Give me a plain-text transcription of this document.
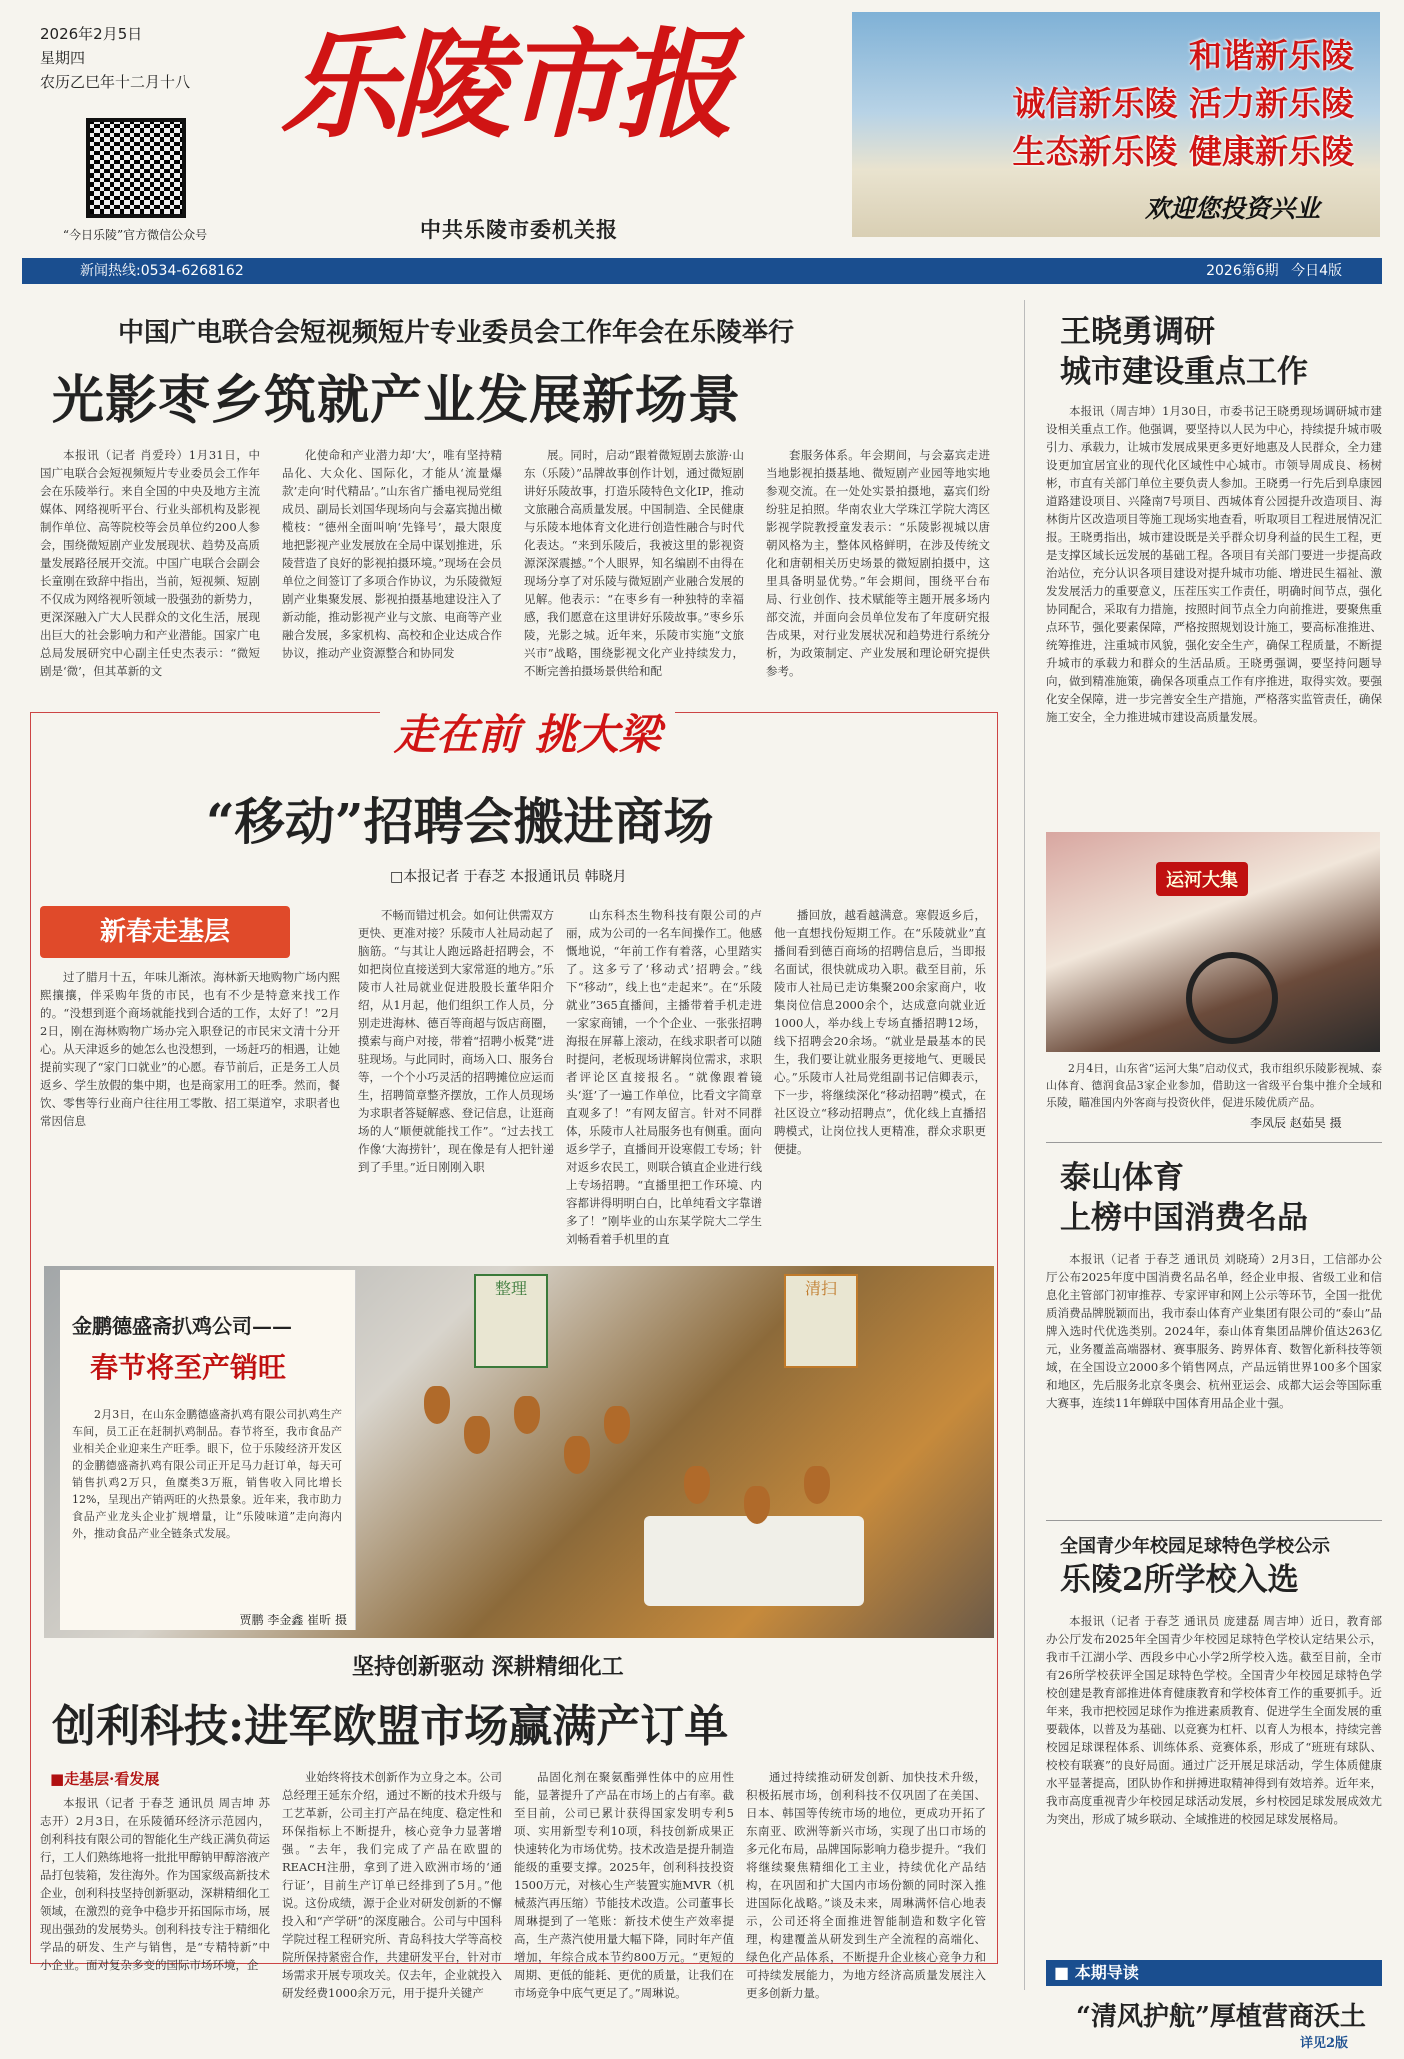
2026年2月5日
星期四
农历乙巳年十二月十八
“今日乐陵”官方微信公众号
乐陵市报
中共乐陵市委机关报
和谐新乐陵
诚信新乐陵 活力新乐陵
生态新乐陵 健康新乐陵
欢迎您投资兴业
新闻热线:0534-6268162	2026第6期 今日4版
中国广电联合会短视频短片专业委员会工作年会在乐陵举行
光影枣乡筑就产业发展新场景

本报讯（记者 肖爱玲）1月31日，中国广电联合会短视频短片专业委员会工作年会在乐陵举行。来自全国的中央及地方主流媒体、网络视听平台、行业头部机构及影视制作单位、高等院校等会员单位约200人参会，围绕微短剧产业发展现状、趋势及高质量发展路径展开交流。中国广电联合会副会长童刚在致辞中指出，当前，短视频、短剧不仅成为网络视听领域一股强劲的新势力，更深深融入广大人民群众的文化生活，展现出巨大的社会影响力和产业潜能。国家广电总局发展研究中心副主任史杰表示：“微短剧是‘微’，但其革新的文

化使命和产业潜力却‘大’，唯有坚持精品化、大众化、国际化，才能从‘流量爆款’走向‘时代精品’。”山东省广播电视局党组成员、副局长刘国华现场向与会嘉宾抛出橄榄枝：“德州全面叫响‘先锋号’，最大限度地把影视产业发展放在全局中谋划推进，乐陵营造了良好的影视拍摄环境。”现场在会员单位之间签订了多项合作协议，为乐陵微短剧产业集聚发展、影视拍摄基地建设注入了新动能，推动影视产业与文旅、电商等产业融合发展，多家机构、高校和企业达成合作协议，推动产业资源整合和协同发

展。同时，启动“跟着微短剧去旅游·山东（乐陵）”品牌故事创作计划，通过微短剧讲好乐陵故事，打造乐陵特色文化IP，推动文旅融合高质量发展。中国制造、全民健康与乐陵本地体育文化进行创造性融合与时代化表达。“来到乐陵后，我被这里的影视资源深深震撼。”个人眼界，知名编剧不由得在现场分享了对乐陵与微短剧产业融合发展的见解。他表示：“在枣乡有一种独特的幸福感，我们愿意在这里讲好乐陵故事。”枣乡乐陵，光影之城。近年来，乐陵市实施“文旅兴市”战略，围绕影视文化产业持续发力，不断完善拍摄场景供给和配

套服务体系。年会期间，与会嘉宾走进当地影视拍摄基地、微短剧产业园等地实地参观交流。在一处处实景拍摄地，嘉宾们纷纷驻足拍照。华南农业大学珠江学院大湾区影视学院教授童发表示：“乐陵影视城以唐朝风格为主，整体风格鲜明，在涉及传统文化和唐朝相关历史场景的微短剧拍摄中，这里具备明显优势。”年会期间，围绕平台布局、行业创作、技术赋能等主题开展多场内部交流，并面向会员单位发布了年度研究报告成果，对行业发展状况和趋势进行系统分析，为政策制定、产业发展和理论研究提供参考。

走在前 挑大梁
“移动”招聘会搬进商场
□本报记者 于春芝 本报通讯员 韩晓月
新春走基层

过了腊月十五，年味儿渐浓。海林新天地购物广场内熙熙攘攘，伴采购年货的市民，也有不少是特意来找工作的。“没想到逛个商场就能找到合适的工作，太好了！”2月2日，刚在海林购物广场办完入职登记的市民宋文清十分开心。从天津返乡的她怎么也没想到，一场赶巧的相遇，让她提前实现了“家门口就业”的心愿。春节前后，正是务工人员返乡、学生放假的集中期，也是商家用工的旺季。然而，餐饮、零售等行业商户往往用工零散、招工渠道窄，求职者也常因信息

不畅而错过机会。如何让供需双方更快、更准对接？乐陵市人社局动起了脑筋。“与其让人跑远路赶招聘会，不如把岗位直接送到大家常逛的地方。”乐陵市人社局就业促进股股长董华阳介绍，从1月起，他们组织工作人员，分别走进海林、德百等商超与饭店商圈，摸索与商户对接，带着“招聘小板凳”进驻现场。与此同时，商场入口、服务台等，一个个小巧灵活的招聘摊位应运而生，招聘简章整齐摆放，工作人员现场为求职者答疑解惑、登记信息，让逛商场的人“顺便就能找工作”。“过去找工作像‘大海捞针’，现在像是有人把针递到了手里。”近日刚刚入职

山东科杰生物科技有限公司的卢丽，成为公司的一名车间操作工。他感慨地说，“年前工作有着落，心里踏实了。这多亏了‘移动式’招聘会。”线下“移动”，线上也“走起来”。在“乐陵就业”365直播间，主播带着手机走进一家家商铺，一个个企业、一张张招聘海报在屏幕上滚动，在线求职者可以随时提问，老板现场讲解岗位需求，求职者评论区直接报名。“就像跟着镜头‘逛’了一遍工作单位，比看文字简章直观多了！”有网友留言。针对不同群体，乐陵市人社局服务也有侧重。面向返乡学子，直播间开设寒假工专场；针对返乡农民工，则联合镇直企业进行线上专场招聘。“直播里把工作环境、内容都讲得明明白白，比单纯看文字靠谱多了！”刚毕业的山东某学院大二学生刘畅看着手机里的直

播回放，越看越满意。寒假返乡后，他一直想找份短期工作。在“乐陵就业”直播间看到德百商场的招聘信息后，当即报名面试，很快就成功入职。截至目前，乐陵市人社局已走访集聚200余家商户，收集岗位信息2000余个，达成意向就业近1000人，举办线上专场直播招聘12场，线下招聘会20余场。“就业是最基本的民生，我们要让就业服务更接地气、更暖民心。”乐陵市人社局党组副书记信卿表示，下一步，将继续深化“移动招聘”模式，在社区设立“移动招聘点”，优化线上直播招聘模式，让岗位找人更精准，群众求职更便捷。

整理	清扫
金鹏德盛斋扒鸡公司——
春节将至产销旺

2月3日，在山东金鹏德盛斋扒鸡有限公司扒鸡生产车间，员工正在赶制扒鸡制品。春节将至，我市食品产业相关企业迎来生产旺季。眼下，位于乐陵经济开发区的金鹏德盛斋扒鸡有限公司正开足马力赶订单，每天可销售扒鸡2万只，鱼糜类3万瓶，销售收入同比增长12%，呈现出产销两旺的火热景象。近年来，我市助力食品产业龙头企业扩规增量，让“乐陵味道”走向海内外，推动食品产业全链条式发展。

贾鹏 李金鑫 崔昕 摄
坚持创新驱动 深耕精细化工
创利科技:进军欧盟市场赢满产订单
■走基层·看发展

本报讯（记者 于春芝 通讯员 周吉坤 苏志开）2月3日，在乐陵循环经济示范园内，创利科技有限公司的智能化生产线正满负荷运行，工人们熟练地将一批批甲醇钠甲醇溶液产品打包装箱，发往海外。作为国家级高新技术企业，创利科技坚持创新驱动，深耕精细化工领域，在激烈的竞争中稳步开拓国际市场，展现出强劲的发展势头。创利科技专注于精细化学品的研发、生产与销售，是“专精特新”中小企业。面对复杂多变的国际市场环境，企

业始终将技术创新作为立身之本。公司总经理王延东介绍，通过不断的技术升级与工艺革新，公司主打产品在纯度、稳定性和环保指标上不断提升，核心竞争力显著增强。“去年，我们完成了产品在欧盟的REACH注册，拿到了进入欧洲市场的‘通行证’，目前生产订单已经排到了5月。”他说。这份成绩，源于企业对研发创新的不懈投入和“产学研”的深度融合。公司与中国科学院过程工程研究所、青岛科技大学等高校院所保持紧密合作，共建研发平台，针对市场需求开展专项攻关。仅去年，企业就投入研发经费1000余万元，用于提升关键产

品固化剂在聚氨酯弹性体中的应用性能，显著提升了产品在市场上的占有率。截至目前，公司已累计获得国家发明专利5项、实用新型专利10项，科技创新成果正快速转化为市场优势。技术改造是提升制造能级的重要支撑。2025年，创利科技投资1500万元，对核心生产装置实施MVR（机械蒸汽再压缩）节能技术改造。公司董事长周琳提到了一笔账：新技术使生产效率提高，生产蒸汽使用量大幅下降，同时年产值增加，年综合成本节约800万元。“更短的周期、更低的能耗、更优的质量，让我们在市场竞争中底气更足了。”周琳说。

通过持续推动研发创新、加快技术升级，积极拓展市场，创利科技不仅巩固了在美国、日本、韩国等传统市场的地位，更成功开拓了东南亚、欧洲等新兴市场，实现了出口市场的多元化布局，品牌国际影响力稳步提升。“我们将继续聚焦精细化工主业，持续优化产品结构，在巩固和扩大国内市场份额的同时深入推进国际化战略。”谈及未来，周琳满怀信心地表示，公司还将全面推进智能制造和数字化管理，构建覆盖从研发到生产全流程的高端化、绿色化产品体系，不断提升企业核心竞争力和可持续发展能力，为地方经济高质量发展注入更多创新力量。

王晓勇调研
城市建设重点工作

本报讯（周吉坤）1月30日，市委书记王晓勇现场调研城市建设相关重点工作。他强调，要坚持以人民为中心，持续提升城市吸引力、承载力，让城市发展成果更多更好地惠及人民群众，全力建设更加宜居宜业的现代化区域性中心城市。市领导周成良、杨树彬，市直有关部门单位主要负责人参加。王晓勇一行先后到阜康园道路建设项目、兴隆南7号项目、西城体育公园提升改造项目、海林街片区改造项目等施工现场实地查看，听取项目工程进展情况汇报。王晓勇指出，城市建设既是关乎群众切身利益的民生工程，更是支撑区域长远发展的基础工程。各项目有关部门要进一步提高政治站位，充分认识各项目建设对提升城市功能、增进民生福祉、激发发展活力的重要意义，压茬压实工作责任，明确时间节点，强化协同配合，采取有力措施，按照时间节点全力向前推进，要聚焦重点环节，强化要素保障，严格按照规划设计施工，要高标准推进、统筹推进，注重城市风貌，强化安全生产，确保工程质量，不断提升城市的承载力和群众的生活品质。王晓勇强调，要坚持问题导向，做到精准施策，确保各项重点工作有序推进，取得实效。要强化安全保障，进一步完善安全生产措施，严格落实监管责任，确保施工安全，全力推进城市建设高质量发展。

运河大集

2月4日，山东省“运河大集”启动仪式，我市组织乐陵影视城、泰山体育、德润食品3家企业参加，借助这一省级平台集中推介全域和乐陵，瞄准国内外客商与投资伙伴，促进乐陵优质产品。

李凤辰 赵茹昊 摄
泰山体育
上榜中国消费名品

本报讯（记者 于春芝 通讯员 刘晓琦）2月3日，工信部办公厅公布2025年度中国消费名品名单，经企业申报、省级工业和信息化主管部门初审推荐、专家评审和网上公示等环节，全国一批优质消费品牌脱颖而出，我市泰山体育产业集团有限公司的“泰山”品牌入选时代优选类别。2024年，泰山体育集团品牌价值达263亿元，业务覆盖高端器材、赛事服务、跨界体育、数智化新科技等领域，在全国设立2000多个销售网点，产品远销世界100多个国家和地区，先后服务北京冬奥会、杭州亚运会、成都大运会等国际重大赛事，连续11年蝉联中国体育用品企业十强。

全国青少年校园足球特色学校公示
乐陵2所学校入选

本报讯（记者 于春芝 通讯员 庞建磊 周吉坤）近日，教育部办公厅发布2025年全国青少年校园足球特色学校认定结果公示，我市千江湖小学、西段乡中心小学2所学校入选。截至目前，全市有26所学校获评全国足球特色学校。全国青少年校园足球特色学校创建是教育部推进体育健康教育和学校体育工作的重要抓手。近年来，我市把校园足球作为推进素质教育、促进学生全面发展的重要载体，以普及为基础、以竞赛为杠杆、以育人为根本，持续完善校园足球课程体系、训练体系、竞赛体系，形成了“班班有球队、校校有联赛”的良好局面。通过广泛开展足球活动，学生体质健康水平显著提高，团队协作和拼搏进取精神得到有效培养。近年来，我市高度重视青少年校园足球活动发展，乡村校园足球发展成效尤为突出，形成了城乡联动、全域推进的校园足球发展格局。

■ 本期导读
“清风护航”厚植营商沃土
详见2版
